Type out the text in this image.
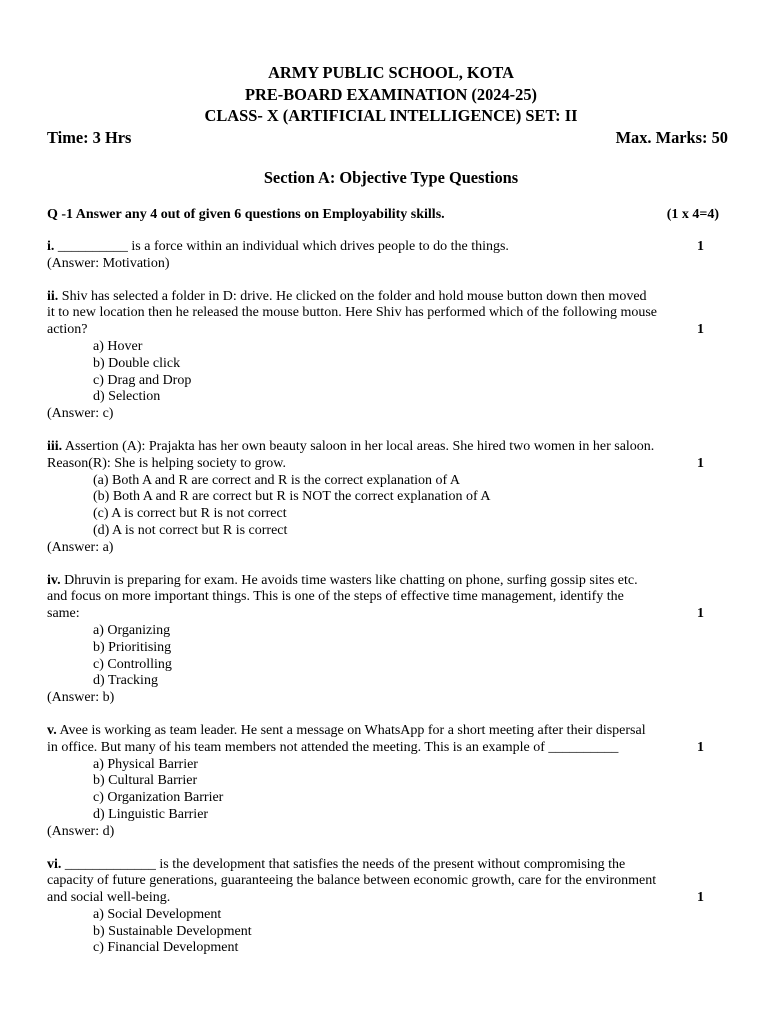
ARMY PUBLIC SCHOOL, KOTA
PRE-BOARD EXAMINATION (2024-25)
CLASS- X (ARTIFICIAL INTELLIGENCE) SET: II
Time: 3 Hrs	Max. Marks: 50
Section A: Objective Type Questions
Q -1 Answer any 4 out of given 6 questions on Employability skills.	(1 x 4=4)
i. __________ is a force within an individual which drives people to do the things.	1
(Answer: Motivation)
ii. Shiv has selected a folder in D: drive. He clicked on the folder and hold mouse button down then moved
it to new location then he released the mouse button. Here Shiv has performed which of the following mouse
action?	1
a) Hover
b) Double click
c) Drag and Drop
d) Selection
(Answer: c)
iii. Assertion (A): Prajakta has her own beauty saloon in her local areas. She hired two women in her saloon.
Reason(R): She is helping society to grow.	1
(a) Both A and R are correct and R is the correct explanation of A
(b) Both A and R are correct but R is NOT the correct explanation of A
(c) A is correct but R is not correct
(d) A is not correct but R is correct
(Answer: a)
iv. Dhruvin is preparing for exam. He avoids time wasters like chatting on phone, surfing gossip sites etc.
and focus on more important things. This is one of the steps of effective time management, identify the
same:	1
a) Organizing
b) Prioritising
c) Controlling
d) Tracking
(Answer: b)
v. Avee is working as team leader. He sent a message on WhatsApp for a short meeting after their dispersal
in office. But many of his team members not attended the meeting. This is an example of __________	1
a) Physical Barrier
b) Cultural Barrier
c) Organization Barrier
d) Linguistic Barrier
(Answer: d)
vi. _____________ is the development that satisfies the needs of the present without compromising the
capacity of future generations, guaranteeing the balance between economic growth, care for the environment
and social well-being.	1
a) Social Development
b) Sustainable Development
c) Financial Development
